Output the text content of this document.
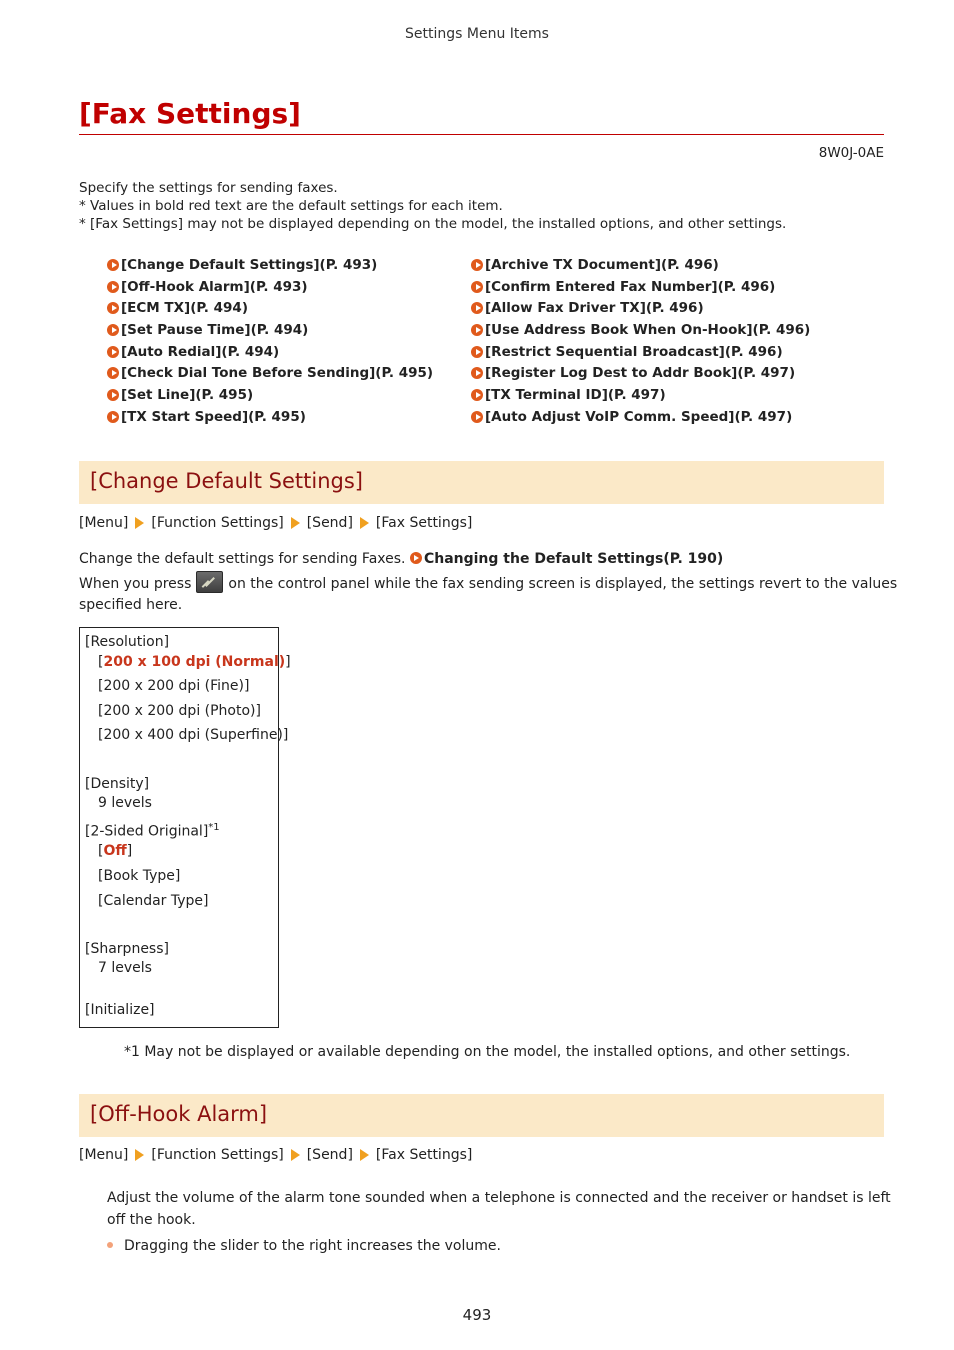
Settings Menu Items
[Fax Settings]
8W0J-0AE
Specify the settings for sending faxes.
* Values in bold red text are the default settings for each item.
* [Fax Settings] may not be displayed depending on the model, the installed options, and other settings.
[Change Default Settings](P. 493)
[Off-Hook Alarm](P. 493)
[ECM TX](P. 494)
[Set Pause Time](P. 494)
[Auto Redial](P. 494)
[Check Dial Tone Before Sending](P. 495)
[Set Line](P. 495)
[TX Start Speed](P. 495)
[Archive TX Document](P. 496)
[Confirm Entered Fax Number](P. 496)
[Allow Fax Driver TX](P. 496)
[Use Address Book When On-Hook](P. 496)
[Restrict Sequential Broadcast](P. 496)
[Register Log Dest to Addr Book](P. 497)
[TX Terminal ID](P. 497)
[Auto Adjust VoIP Comm. Speed](P. 497)
[Change Default Settings]
[Menu] [Function Settings] [Send] [Fax Settings]
Change the default settings for sending Faxes. Changing the Default Settings(P. 190)
When you press	on the control panel while the fax sending screen is displayed, the settings revert to the values
specified here.
[Resolution]
[200 x 100 dpi (Normal)]
[200 x 200 dpi (Fine)]
[200 x 200 dpi (Photo)]
[200 x 400 dpi (Superfine)]
[Density]
9 levels
[2-Sided Original]$^{*1}$
[Off]
[Book Type]
[Calendar Type]
[Sharpness]
7 levels
[Initialize]
*1 May not be displayed or available depending on the model, the installed options, and other settings.
[Off-Hook Alarm]
[Menu] [Function Settings] [Send] [Fax Settings]
Adjust the volume of the alarm tone sounded when a telephone is connected and the receiver or handset is left
off the hook.
Dragging the slider to the right increases the volume.
493
